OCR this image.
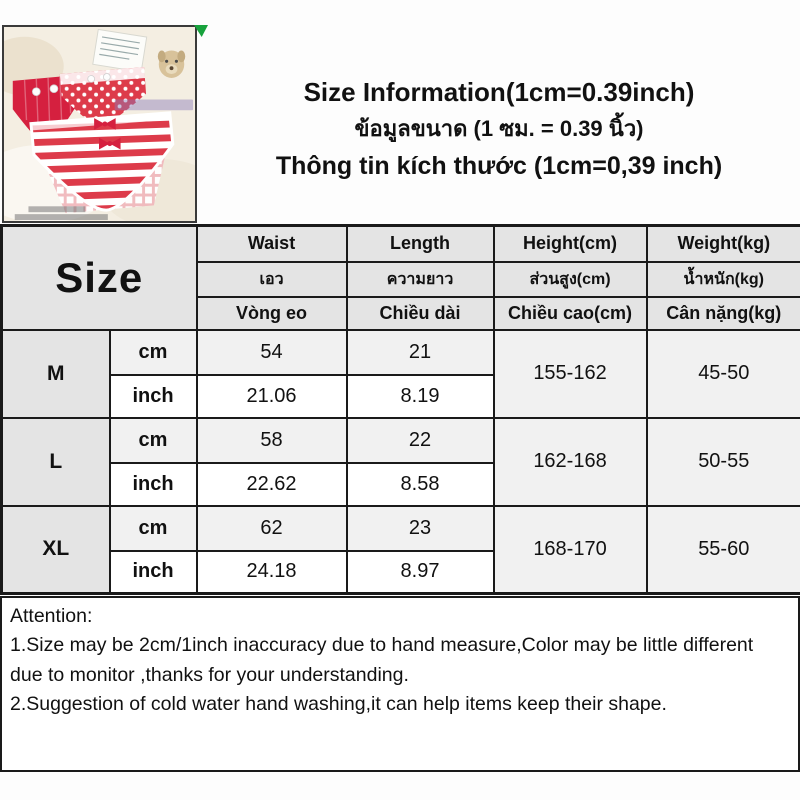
Size Information(1cm=0.39inch)
ข้อมูลขนาด (1 ซม. = 0.39 นิ้ว)
Thông tin kích thước (1cm=0,39 inch)
Size		Waist	Length	Height(cm)	Weight(kg)
		เอว	ความยาว	ส่วนสูง(cm)	น้ำหนัก(kg)
		Vòng eo	Chiều dài	Chiều cao(cm)	Cân nặng(kg)
M	cm	54	21	155-162	45-50
	inch	21.06	8.19		
L	cm	58	22	162-168	50-55
	inch	22.62	8.58		
XL	cm	62	23	168-170	55-60
	inch	24.18	8.97		
Attention:
1.Size may be 2cm/1inch inaccuracy due to hand measure,Color may be little different due to monitor ,thanks for your understanding.
2.Suggestion of cold water hand washing,it can help items keep their shape.
